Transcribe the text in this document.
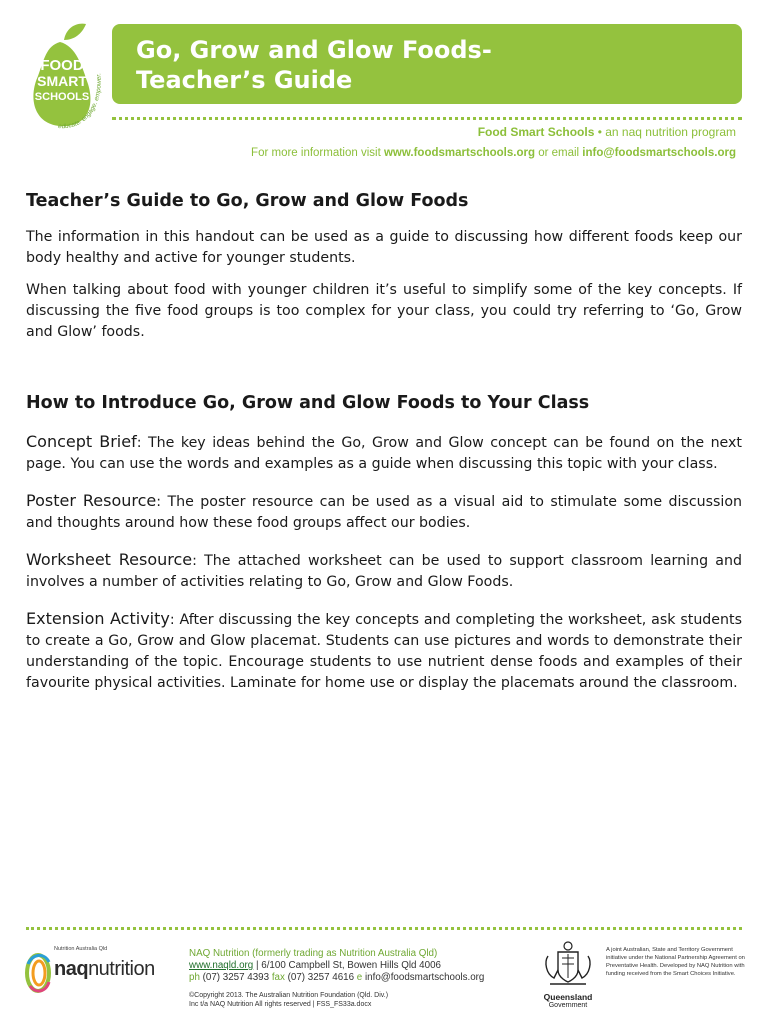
FOOD
SMART
SCHOOLS
educate. engage. empower.
Go, Grow and Glow Foods-
Teacher’s Guide
Food Smart Schools • an naq nutrition program
For more information visit www.foodsmartschools.org or email info@foodsmartschools.org
Teacher’s Guide to Go, Grow and Glow Foods

The information in this handout can be used as a guide to discussing how different foods keep our body healthy and active for younger students.

When talking about food with younger children it’s useful to simplify some of the key concepts. If discussing the five food groups is too complex for your class, you could try referring to ‘Go, Grow and Glow’ foods.

How to Introduce Go, Grow and Glow Foods to Your Class

Concept Brief: The key ideas behind the Go, Grow and Glow concept can be found on the next page. You can use the words and examples as a guide when discussing this topic with your class.

Poster Resource: The poster resource can be used as a visual aid to stimulate some discussion and thoughts around how these food groups affect our bodies.

Worksheet Resource: The attached worksheet can be used to support classroom learning and involves a number of activities relating to Go, Grow and Glow Foods.

Extension Activity: After discussing the key concepts and completing the worksheet, ask students to create a Go, Grow and Glow placemat. Students can use pictures and words to demonstrate their understanding of the topic. Encourage students to use nutrient dense foods and examples of their favourite physical activities. Laminate for home use or display the placemats around the classroom.

Nutrition Australia Qld
naqnutrition
NAQ Nutrition (formerly trading as Nutrition Australia Qld)
www.naqld.org | 6/100 Campbell St, Bowen Hills Qld 4006
ph (07) 3257 4393 fax (07) 3257 4616 e info@foodsmartschools.org
©Copyright 2013. The Australian Nutrition Foundation (Qld. Div.)
Inc t/a NAQ Nutrition All rights reserved | FSS_FS33a.docx
Queensland
Government
A joint Australian, State and Territory Government initiative under the National Partnership Agreement on Preventative Health. Developed by NAQ Nutrition with funding received from the Smart Choices Initiative.
